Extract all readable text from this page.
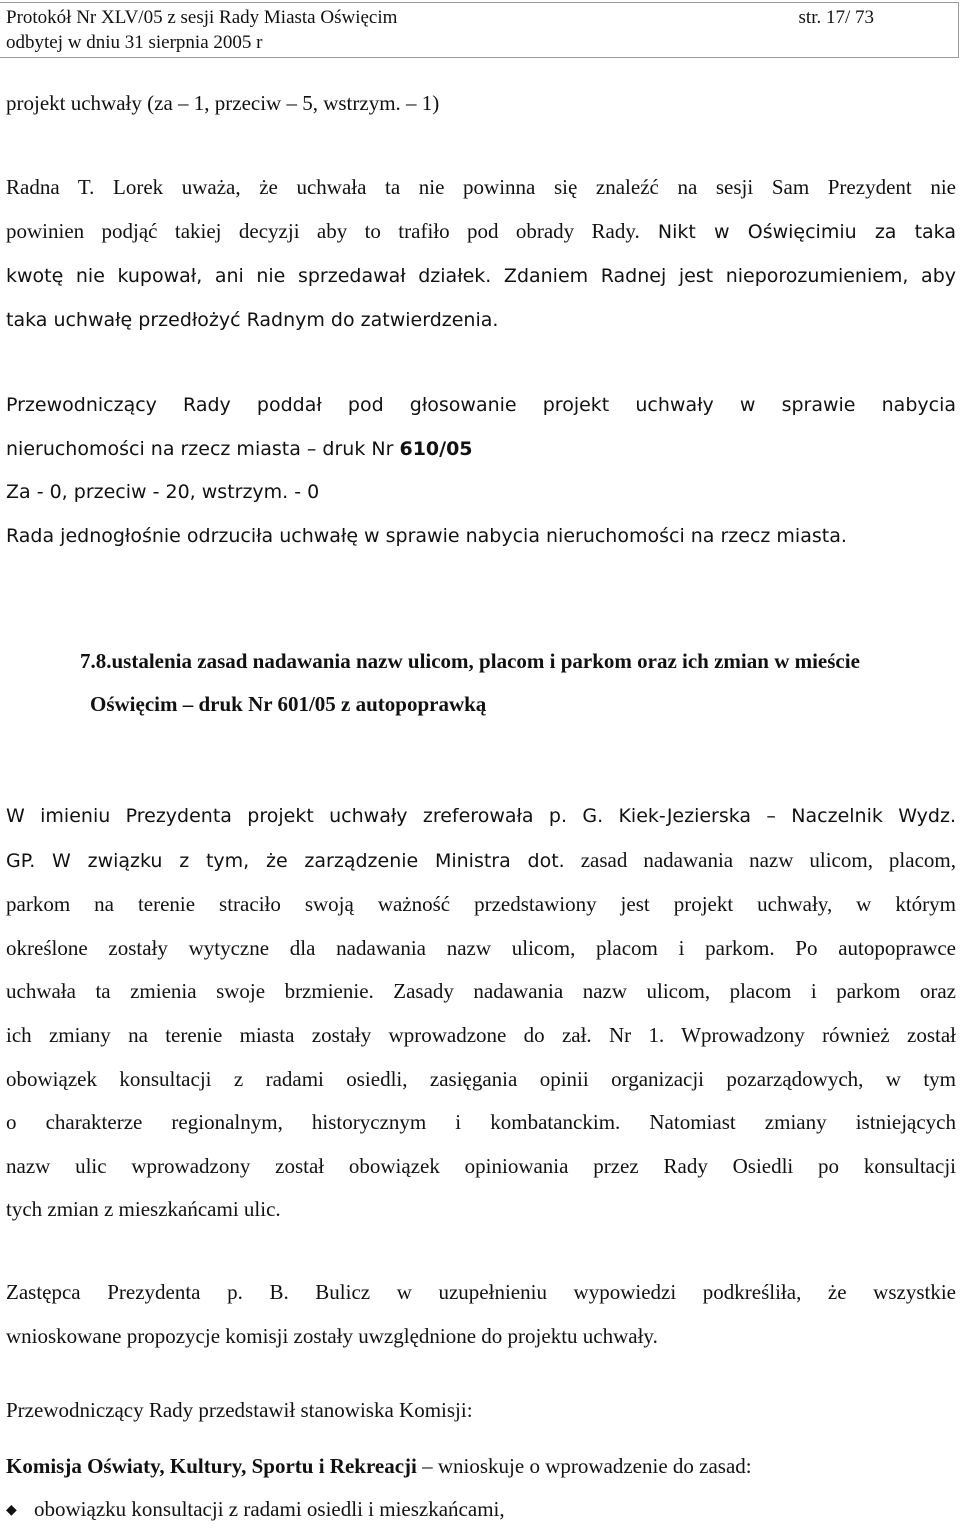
Protokół Nr XLV/05 z sesji Rady Miasta Oświęcim
odbytej w dniu 31 sierpnia 2005 r
str. 17/ 73
projekt uchwały (za – 1, przeciw – 5, wstrzym. – 1)
Radna T. Lorek uważa, że uchwała ta nie powinna się znaleźć na sesji Sam Prezydent nie
powinien podjąć takiej decyzji aby to trafiło pod obrady Rady. Nikt w Oświęcimiu za taka
kwotę nie kupował, ani nie sprzedawał działek. Zdaniem Radnej jest nieporozumieniem, aby
taka uchwałę przedłożyć Radnym do zatwierdzenia.
Przewodniczący Rady poddał pod głosowanie projekt uchwały w sprawie nabycia
nieruchomości na rzecz miasta – druk Nr 610/05
Za - 0, przeciw - 20, wstrzym. - 0
Rada jednogłośnie odrzuciła uchwałę w sprawie nabycia nieruchomości na rzecz miasta.
7.8.ustalenia zasad nadawania nazw ulicom, placom i parkom oraz ich zmian w mieście
Oświęcim – druk Nr 601/05 z autopoprawką
W imieniu Prezydenta projekt uchwały zreferowała p. G. Kiek-Jezierska – Naczelnik Wydz.
GP. W związku z tym, że zarządzenie Ministra dot. zasad nadawania nazw ulicom, placom,
parkom na terenie straciło swoją ważność przedstawiony jest projekt uchwały, w którym
określone zostały wytyczne dla nadawania nazw ulicom, placom i parkom. Po autopoprawce
uchwała ta zmienia swoje brzmienie. Zasady nadawania nazw ulicom, placom i parkom oraz
ich zmiany na terenie miasta zostały wprowadzone do zał. Nr 1. Wprowadzony również został
obowiązek konsultacji z radami osiedli, zasięgania opinii organizacji pozarządowych, w tym
o charakterze regionalnym, historycznym i kombatanckim. Natomiast zmiany istniejących
nazw ulic wprowadzony został obowiązek opiniowania przez Rady Osiedli po konsultacji
tych zmian z mieszkańcami ulic.
Zastępca Prezydenta p. B. Bulicz w uzupełnieniu wypowiedzi podkreśliła, że wszystkie
wnioskowane propozycje komisji zostały uwzględnione do projektu uchwały.
Przewodniczący Rady przedstawił stanowiska Komisji:
Komisja Oświaty, Kultury, Sportu i Rekreacji – wnioskuje o wprowadzenie do zasad:
◆ obowiązku konsultacji z radami osiedli i mieszkańcami,
